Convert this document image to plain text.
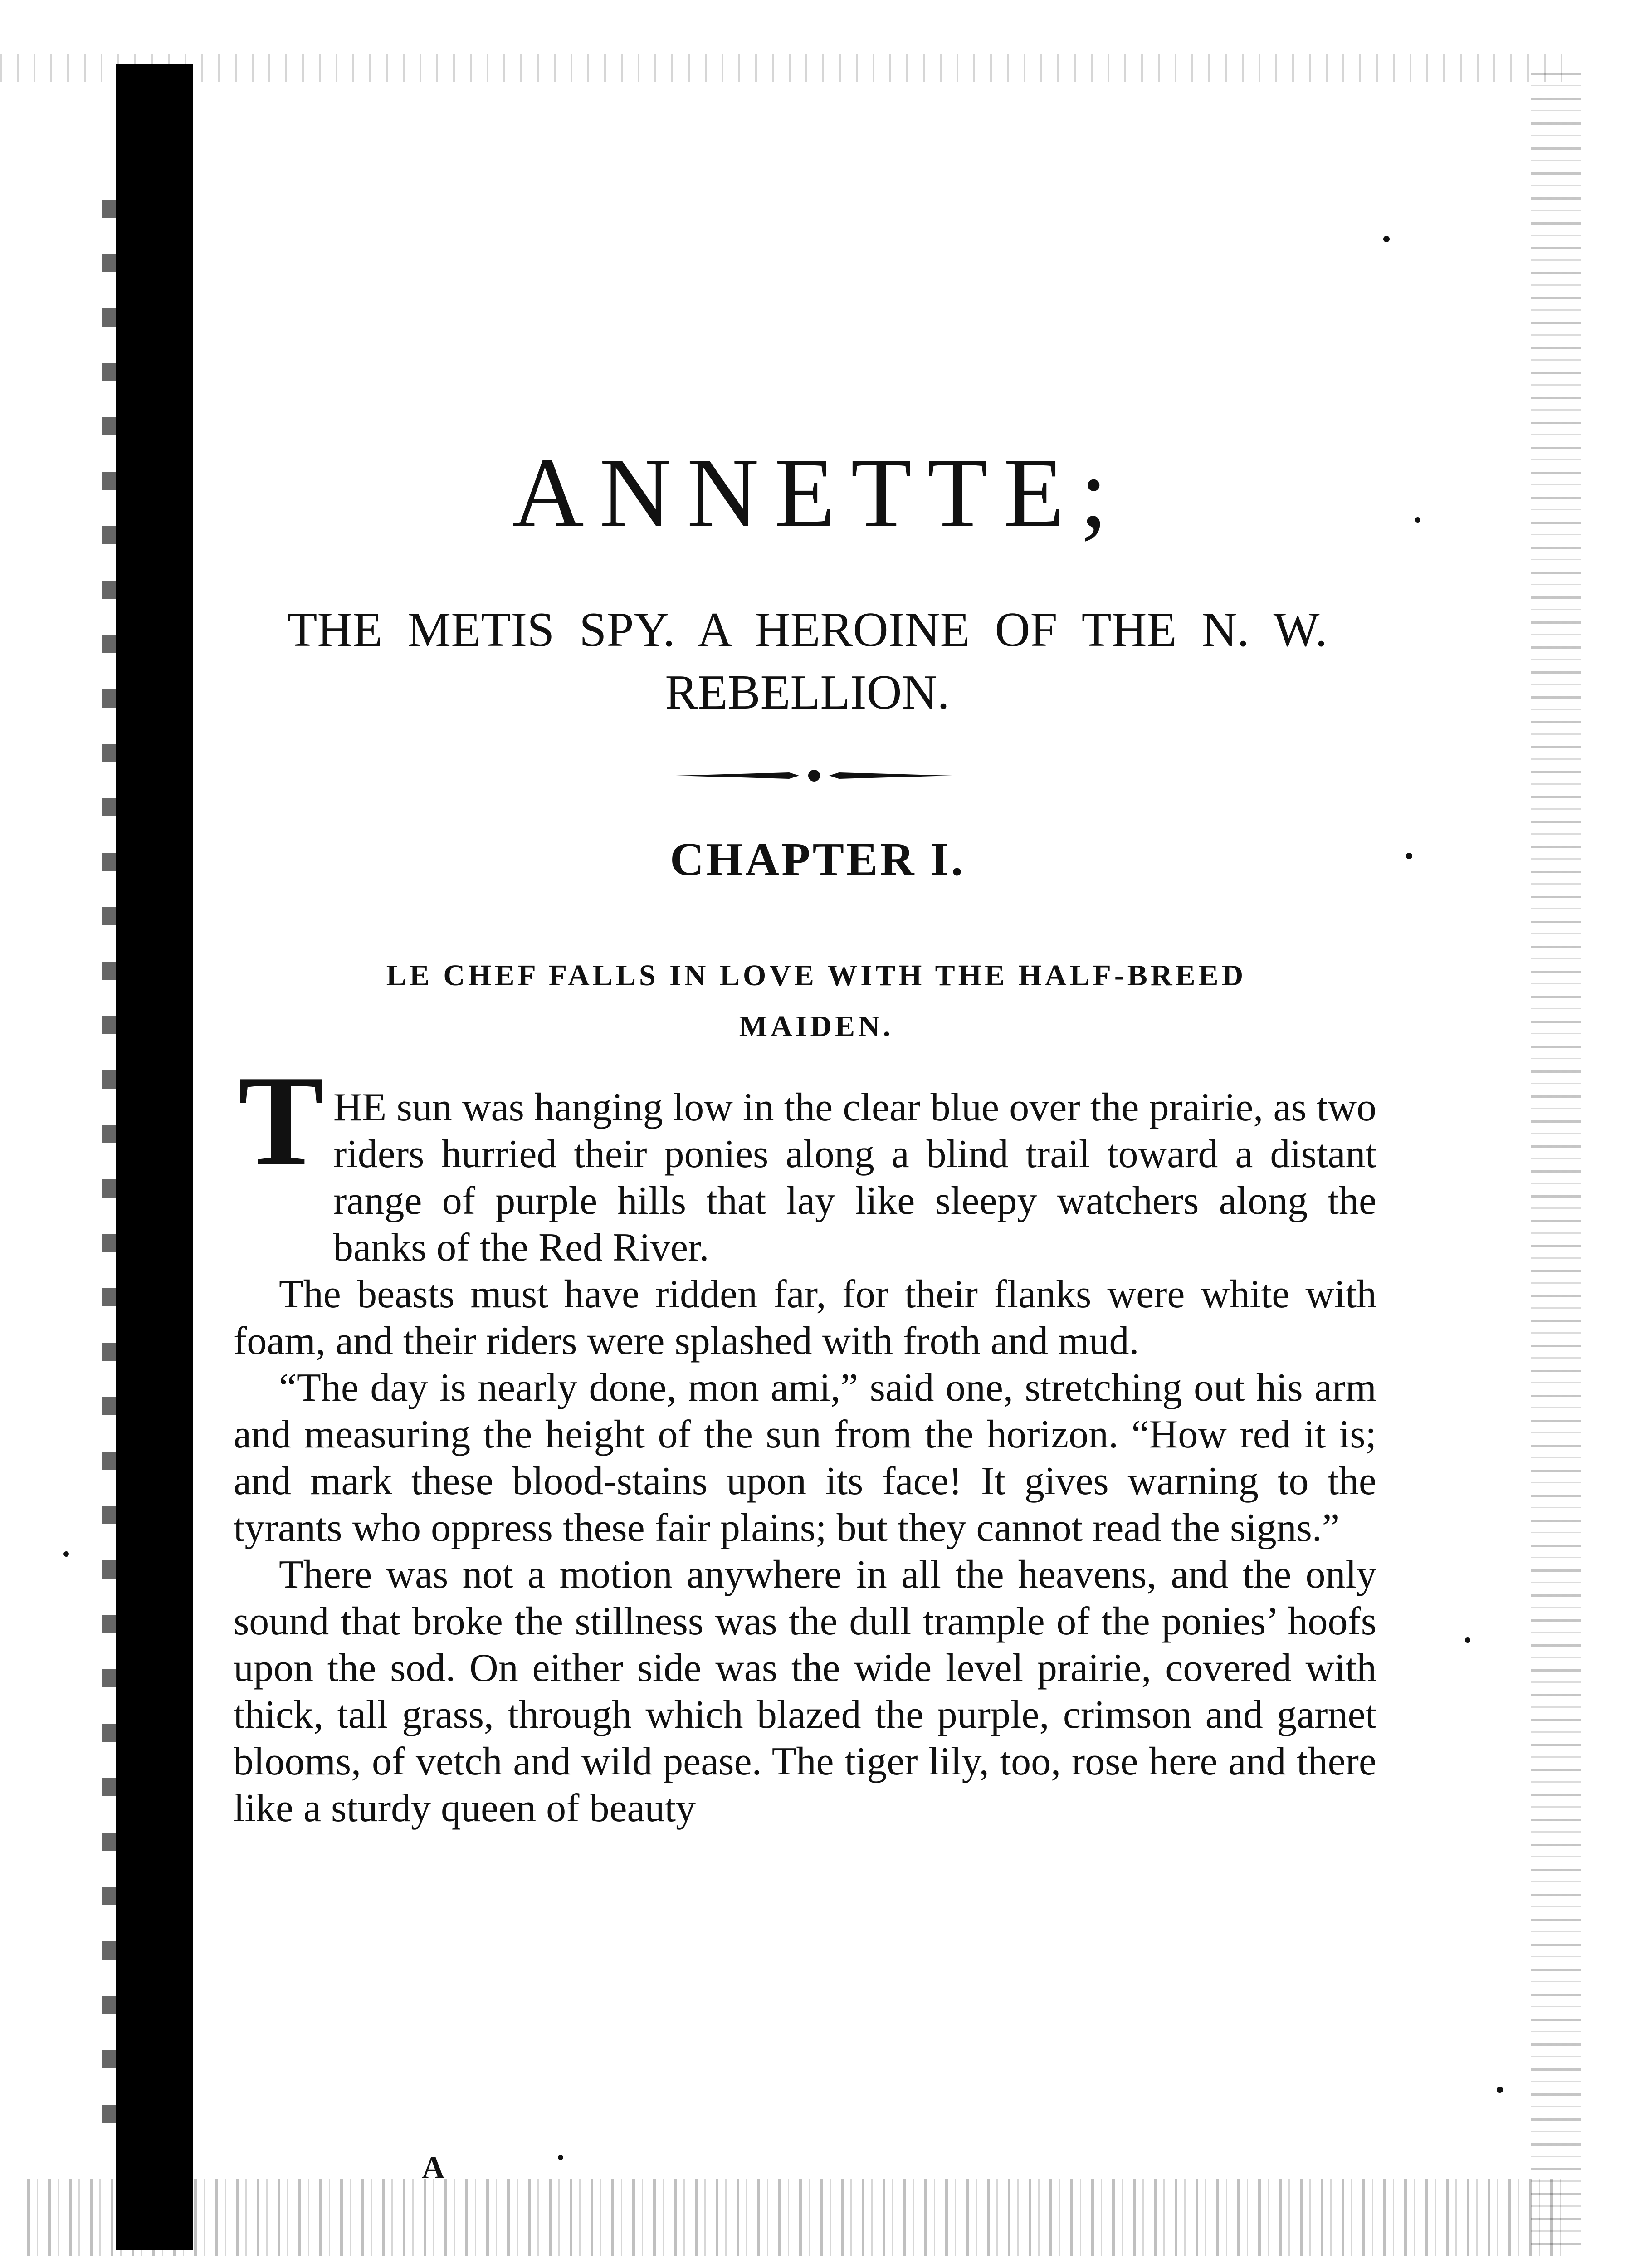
ANNETTE;
THE METIS SPY. A HEROINE OF THE N. W.
REBELLION.
CHAPTER I.
LE CHEF FALLS IN LOVE WITH THE HALF-BREED
MAIDEN.
T HE sun was hanging low in the clear blue over the prairie, as two riders hurried their ponies along a blind trail toward a distant range of purple hills that lay like sleepy watchers along the banks of the Red River.

The beasts must have ridden far, for their flanks were white with foam, and their riders were splashed with froth and mud.

“The day is nearly done, mon ami,” said one, stretching out his arm and measuring the height of the sun from the horizon. “How red it is; and mark these blood-stains upon its face! It gives warning to the tyrants who oppress these fair plains; but they cannot read the signs.”

There was not a motion anywhere in all the heavens, and the only sound that broke the stillness was the dull trample of the ponies’ hoofs upon the sod. On either side was the wide level prairie, covered with thick, tall grass, through which blazed the purple, crimson and garnet blooms, of vetch and wild pease. The tiger lily, too, rose here and there like a sturdy queen of beauty

A
